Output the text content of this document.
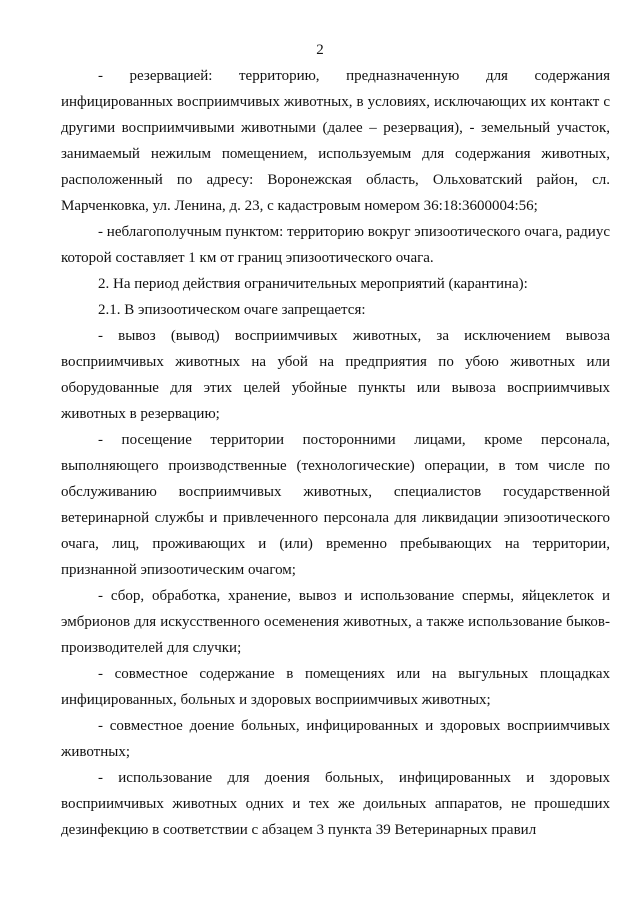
2

- резервацией: территорию, предназначенную для содержания инфицированных восприимчивых животных, в условиях, исключающих их контакт с другими восприимчивыми животными (далее – резервация), - земельный участок, занимаемый нежилым помещением, используемым для содержания животных, расположенный по адресу: Воронежская область, Ольховатский район, сл. Марченковка, ул. Ленина, д. 23, с кадастровым номером 36:18:3600004:56;

- неблагополучным пунктом: территорию вокруг эпизоотического очага, радиус которой составляет 1 км от границ эпизоотического очага.

2. На период действия ограничительных мероприятий (карантина):

2.1. В эпизоотическом очаге запрещается:

- вывоз (вывод) восприимчивых животных, за исключением вывоза восприимчивых животных на убой на предприятия по убою животных или оборудованные для этих целей убойные пункты или вывоза восприимчивых животных в резервацию;

- посещение территории посторонними лицами, кроме персонала, выполняющего производственные (технологические) операции, в том числе по обслуживанию восприимчивых животных, специалистов государственной ветеринарной службы и привлеченного персонала для ликвидации эпизоотического очага, лиц, проживающих и (или) временно пребывающих на территории, признанной эпизоотическим очагом;

- сбор, обработка, хранение, вывоз и использование спермы, яйцеклеток и эмбрионов для искусственного осеменения животных, а также использование быков-производителей для случки;

- совместное содержание в помещениях или на выгульных площадках инфицированных, больных и здоровых восприимчивых животных;

- совместное доение больных, инфицированных и здоровых восприимчивых животных;

- использование для доения больных, инфицированных и здоровых восприимчивых животных одних и тех же доильных аппаратов, не прошедших дезинфекцию в соответствии с абзацем 3 пункта 39 Ветеринарных правил
